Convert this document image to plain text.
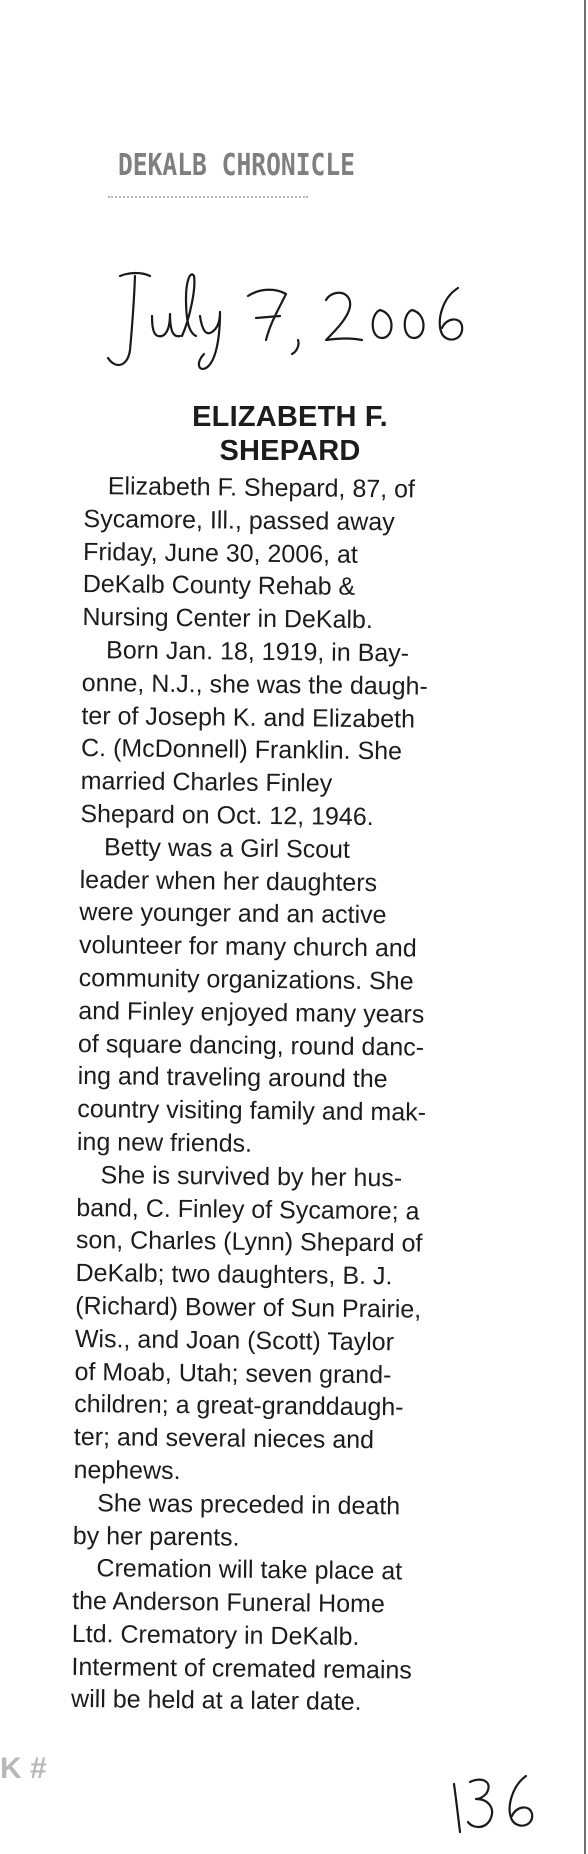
DEKALB CHRONICLE
ELIZABETH F.
SHEPARD
Elizabeth F. Shepard, 87, of
Sycamore, Ill., passed away
Friday, June 30, 2006, at
DeKalb County Rehab &
Nursing Center in DeKalb.
Born Jan. 18, 1919, in Bay-
onne, N.J., she was the daugh-
ter of Joseph K. and Elizabeth
C. (McDonnell) Franklin. She
married Charles Finley
Shepard on Oct. 12, 1946.
Betty was a Girl Scout
leader when her daughters
were younger and an active
volunteer for many church and
community organizations. She
and Finley enjoyed many years
of square dancing, round danc-
ing and traveling around the
country visiting family and mak-
ing new friends.
She is survived by her hus-
band, C. Finley of Sycamore; a
son, Charles (Lynn) Shepard of
DeKalb; two daughters, B. J.
(Richard) Bower of Sun Prairie,
Wis., and Joan (Scott) Taylor
of Moab, Utah; seven grand-
children; a great-granddaugh-
ter; and several nieces and
nephews.
She was preceded in death
by her parents.
Cremation will take place at
the Anderson Funeral Home
Ltd. Crematory in DeKalb.
Interment of cremated remains
will be held at a later date.
K #
